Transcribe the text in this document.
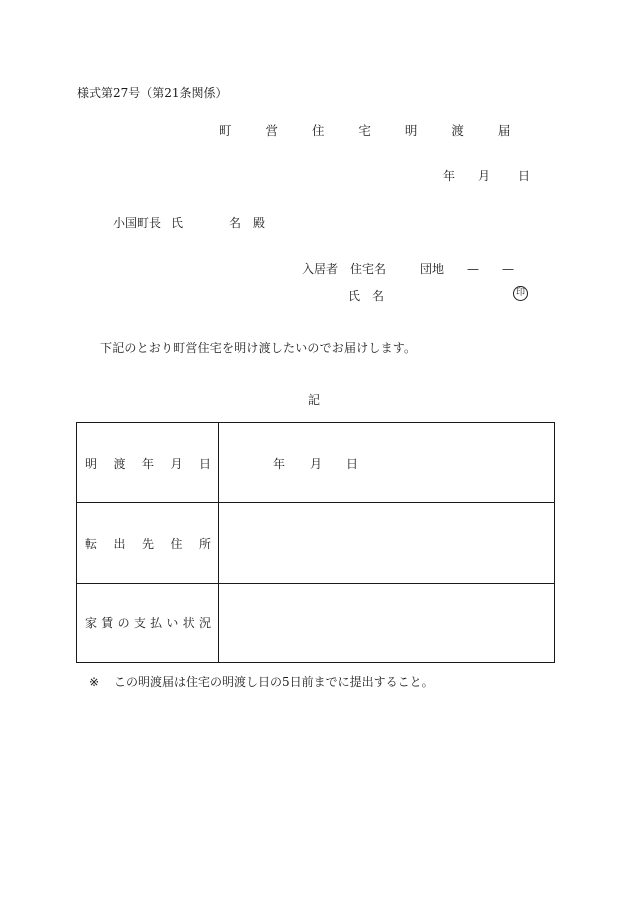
様式第27号（第21条関係）
町 営 住 宅 明 渡 届
年 月 日
小国町長 氏	名 殿
入居者 住宅名	団地 — —
氏 名	印
下記のとおり町営住宅を明け渡したいのでお届けします。
記
明 渡 年 月 日	年 月 日
転 出 先 住 所
家 賃 の 支 払 い 状 況
※ この明渡届は住宅の明渡し日の5日前までに提出すること。
